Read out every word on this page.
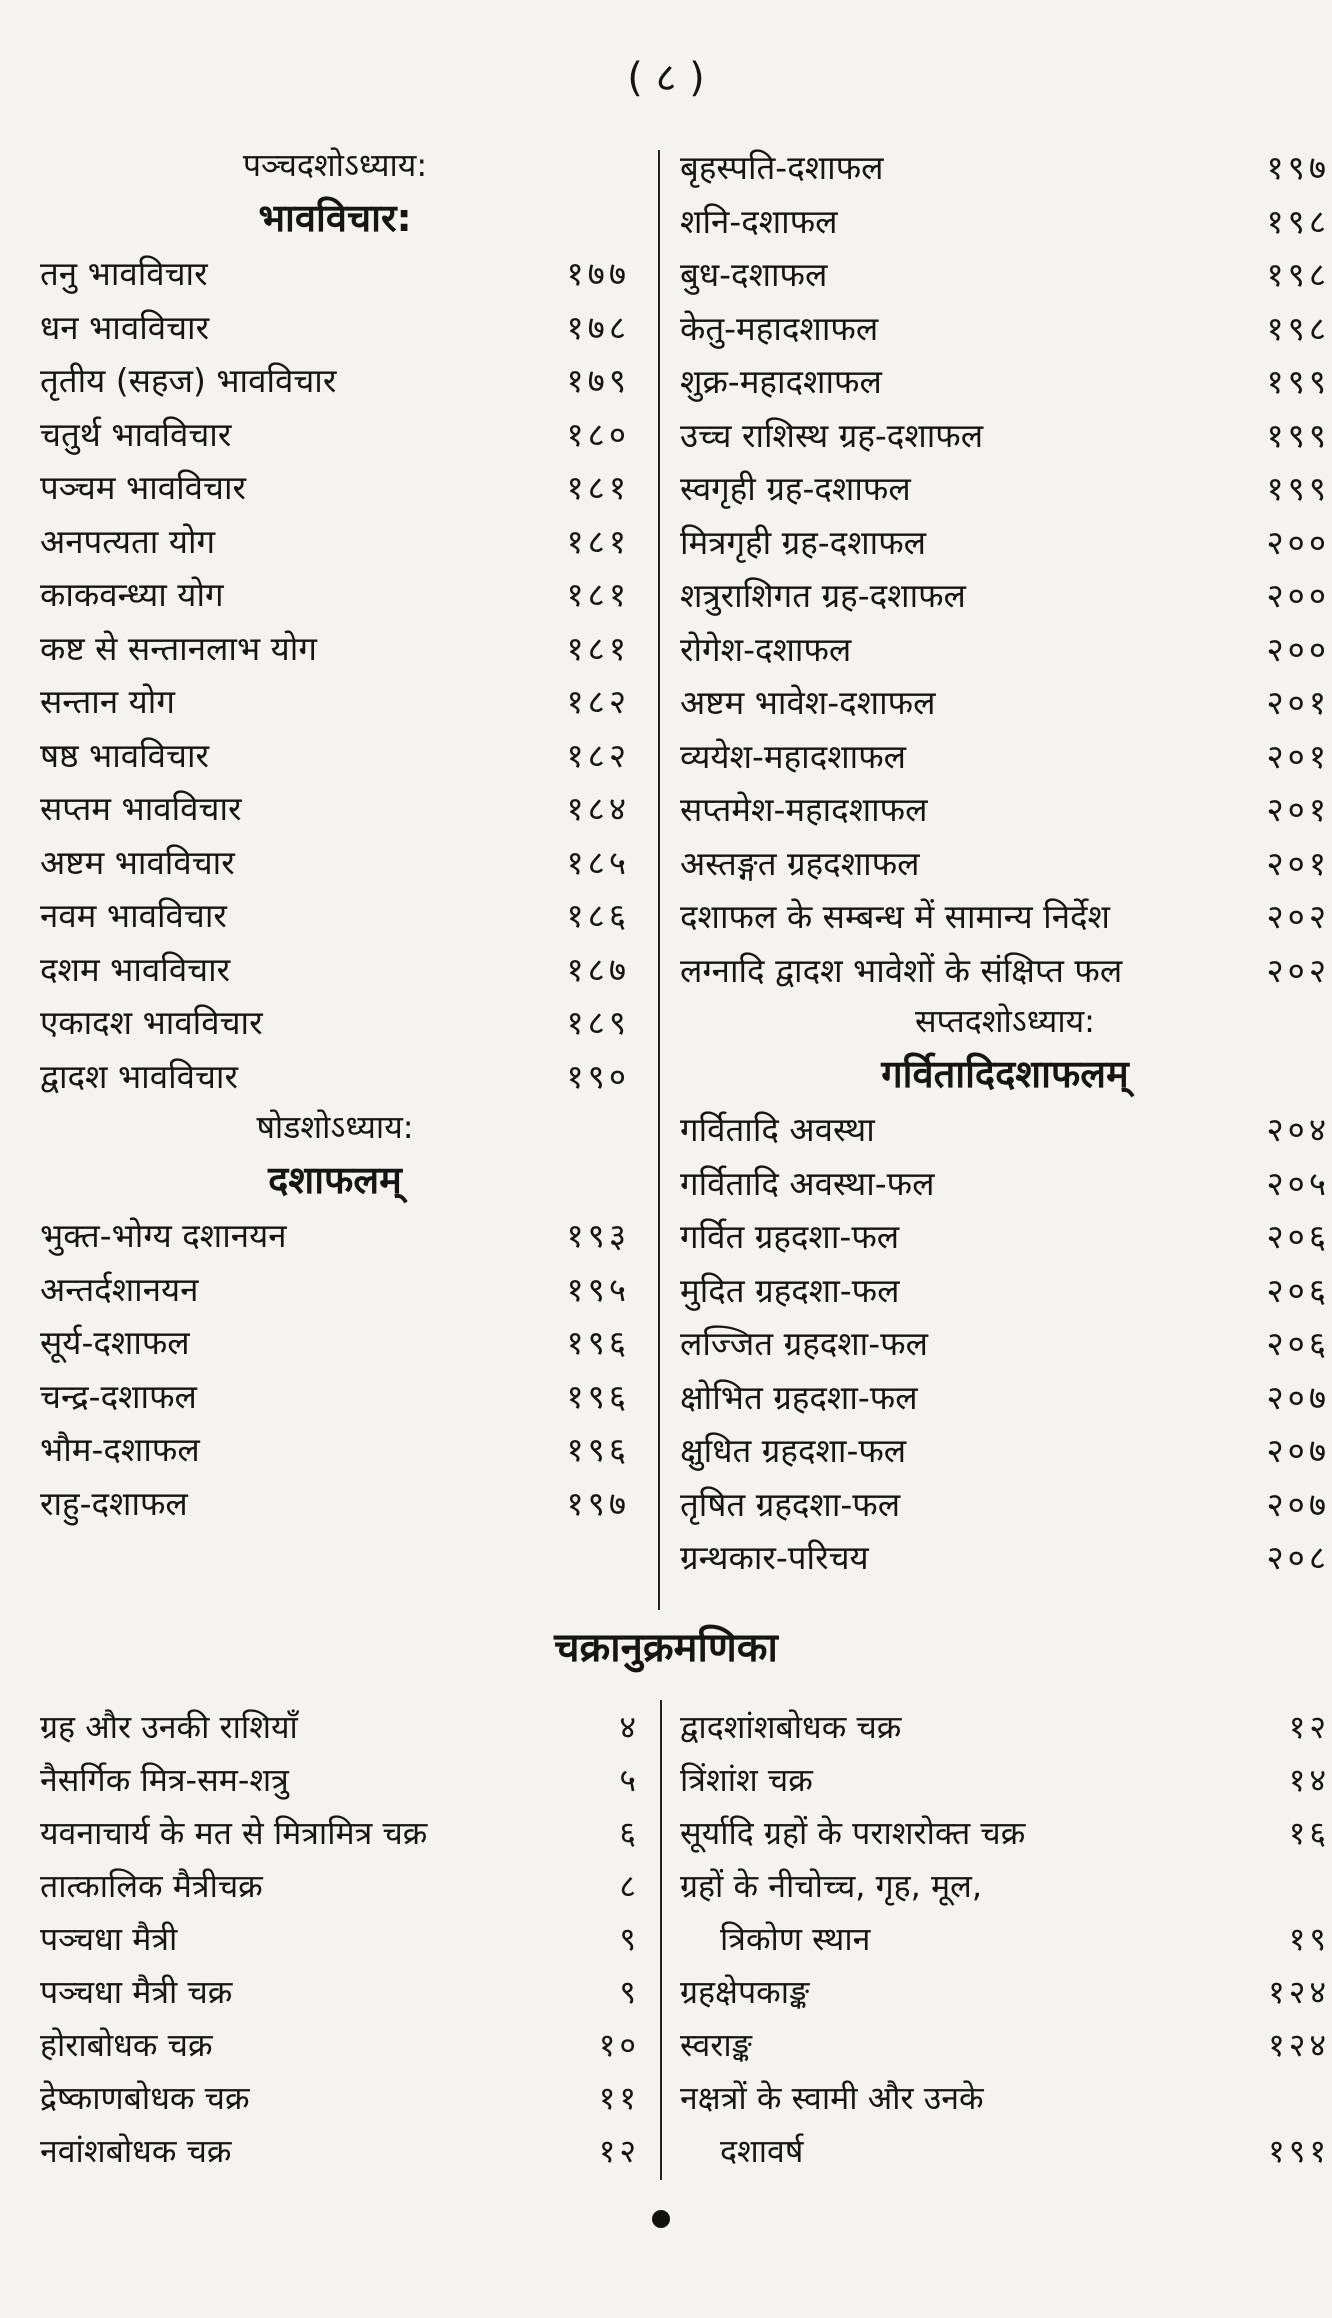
( ८ )
पञ्चदशोऽध्याय:
भावविचार:
तनु भावविचार	१७७
धन भावविचार	१७८
तृतीय (सहज) भावविचार	१७९
चतुर्थ भावविचार	१८०
पञ्चम भावविचार	१८१
अनपत्यता योग	१८१
काकवन्ध्या योग	१८१
कष्ट से सन्तानलाभ योग	१८१
सन्तान योग	१८२
षष्ठ भावविचार	१८२
सप्तम भावविचार	१८४
अष्टम भावविचार	१८५
नवम भावविचार	१८६
दशम भावविचार	१८७
एकादश भावविचार	१८९
द्वादश भावविचार	१९०
षोडशोऽध्याय:
दशाफलम्
भुक्त-भोग्य दशानयन	१९३
अन्तर्दशानयन	१९५
सूर्य-दशाफल	१९६
चन्द्र-दशाफल	१९६
भौम-दशाफल	१९६
राहु-दशाफल	१९७
बृहस्पति-दशाफल	१९७
शनि-दशाफल	१९८
बुध-दशाफल	१९८
केतु-महादशाफल	१९८
शुक्र-महादशाफल	१९९
उच्च राशिस्थ ग्रह-दशाफल	१९९
स्वगृही ग्रह-दशाफल	१९९
मित्रगृही ग्रह-दशाफल	२००
शत्रुराशिगत ग्रह-दशाफल	२००
रोगेश-दशाफल	२००
अष्टम भावेश-दशाफल	२०१
व्ययेश-महादशाफल	२०१
सप्तमेश-महादशाफल	२०१
अस्तङ्गत ग्रहदशाफल	२०१
दशाफल के सम्बन्ध में सामान्य निर्देश	२०२
लग्नादि द्वादश भावेशों के संक्षिप्त फल	२०२
सप्तदशोऽध्याय:
गर्वितादिदशाफलम्
गर्वितादि अवस्था	२०४
गर्वितादि अवस्था-फल	२०५
गर्वित ग्रहदशा-फल	२०६
मुदित ग्रहदशा-फल	२०६
लज्जित ग्रहदशा-फल	२०६
क्षोभित ग्रहदशा-फल	२०७
क्षुधित ग्रहदशा-फल	२०७
तृषित ग्रहदशा-फल	२०७
ग्रन्थकार-परिचय	२०८
चक्रानुक्रमणिका
ग्रह और उनकी राशियाँ	४
नैसर्गिक मित्र-सम-शत्रु	५
यवनाचार्य के मत से मित्रामित्र चक्र	६
तात्कालिक मैत्रीचक्र	८
पञ्चधा मैत्री	९
पञ्चधा मैत्री चक्र	९
होराबोधक चक्र	१०
द्रेष्काणबोधक चक्र	११
नवांशबोधक चक्र	१२
द्वादशांशबोधक चक्र	१२
त्रिंशांश चक्र	१४
सूर्यादि ग्रहों के पराशरोक्त चक्र	१६
ग्रहों के नीचोच्च, गृह, मूल,
त्रिकोण स्थान	१९
ग्रहक्षेपकाङ्क	१२४
स्वराङ्क	१२४
नक्षत्रों के स्वामी और उनके
दशावर्ष	१९१
